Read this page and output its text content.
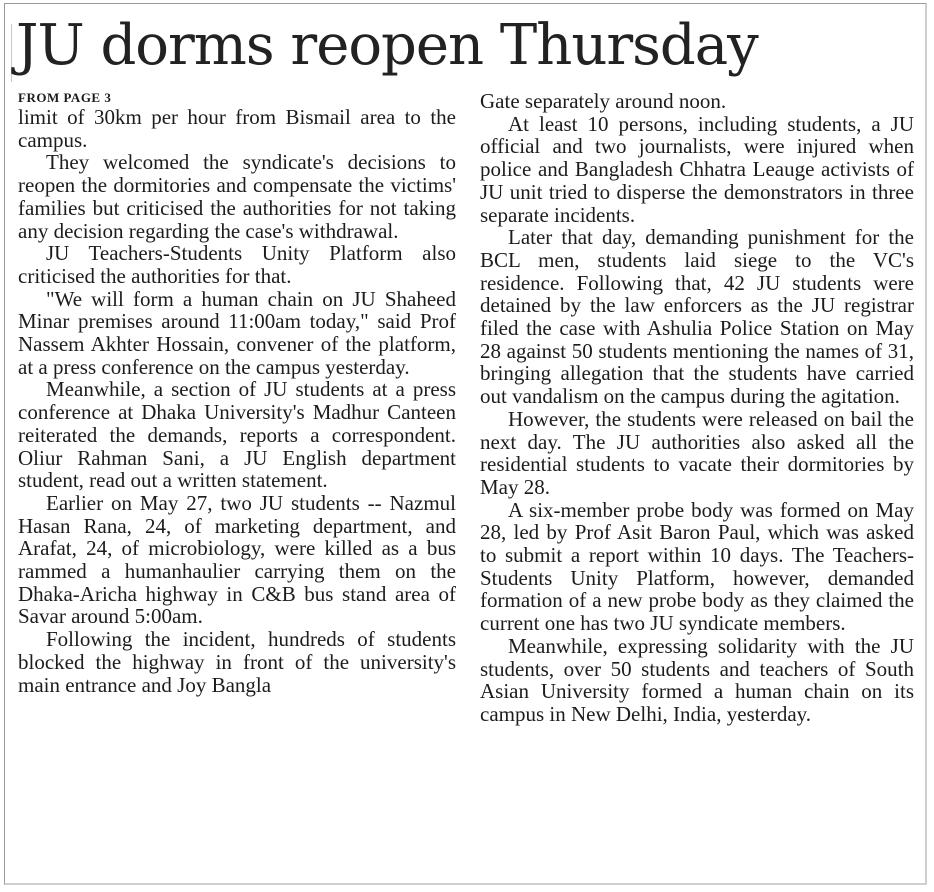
JU dorms reopen Thursday
FROM PAGE 3

limit of 30km per hour from Bismail area to the campus.

They welcomed the syndicate's decisions to reopen the dormitories and compensate the victims' families but criticised the authorities for not taking any decision regarding the case's withdrawal.

JU Teachers-Students Unity Platform also criticised the authorities for that.

"We will form a human chain on JU Shaheed Minar premises around 11:00am today," said Prof Nassem Akhter Hossain, convener of the platform, at a press conference on the campus yesterday.

Meanwhile, a section of JU students at a press conference at Dhaka University's Madhur Canteen reiterated the demands, reports a correspondent. Oliur Rahman Sani, a JU English department student, read out a written statement.

Earlier on May 27, two JU students -- Nazmul Hasan Rana, 24, of marketing department, and Arafat, 24, of microbiology, were killed as a bus rammed a humanhaulier carrying them on the Dhaka-Aricha highway in C&B bus stand area of Savar around 5:00am.

Following the incident, hundreds of students blocked the highway in front of the university's main entrance and Joy Bangla

Gate separately around noon.

At least 10 persons, including students, a JU official and two journalists, were injured when police and Bangladesh Chhatra Leauge activists of JU unit tried to disperse the demonstrators in three separate incidents.

Later that day, demanding punishment for the BCL men, students laid siege to the VC's residence. Following that, 42 JU students were detained by the law enforcers as the JU registrar filed the case with Ashulia Police Station on May 28 against 50 students mentioning the names of 31, bringing allegation that the students have carried out vandalism on the campus during the agitation.

However, the students were released on bail the next day. The JU authorities also asked all the residential students to vacate their dormitories by May 28.

A six-member probe body was formed on May 28, led by Prof Asit Baron Paul, which was asked to submit a report within 10 days. The Teachers-Students Unity Platform, however, demanded formation of a new probe body as they claimed the current one has two JU syndicate members.

Meanwhile, expressing solidarity with the JU students, over 50 students and teachers of South Asian University formed a human chain on its campus in New Delhi, India, yesterday.
